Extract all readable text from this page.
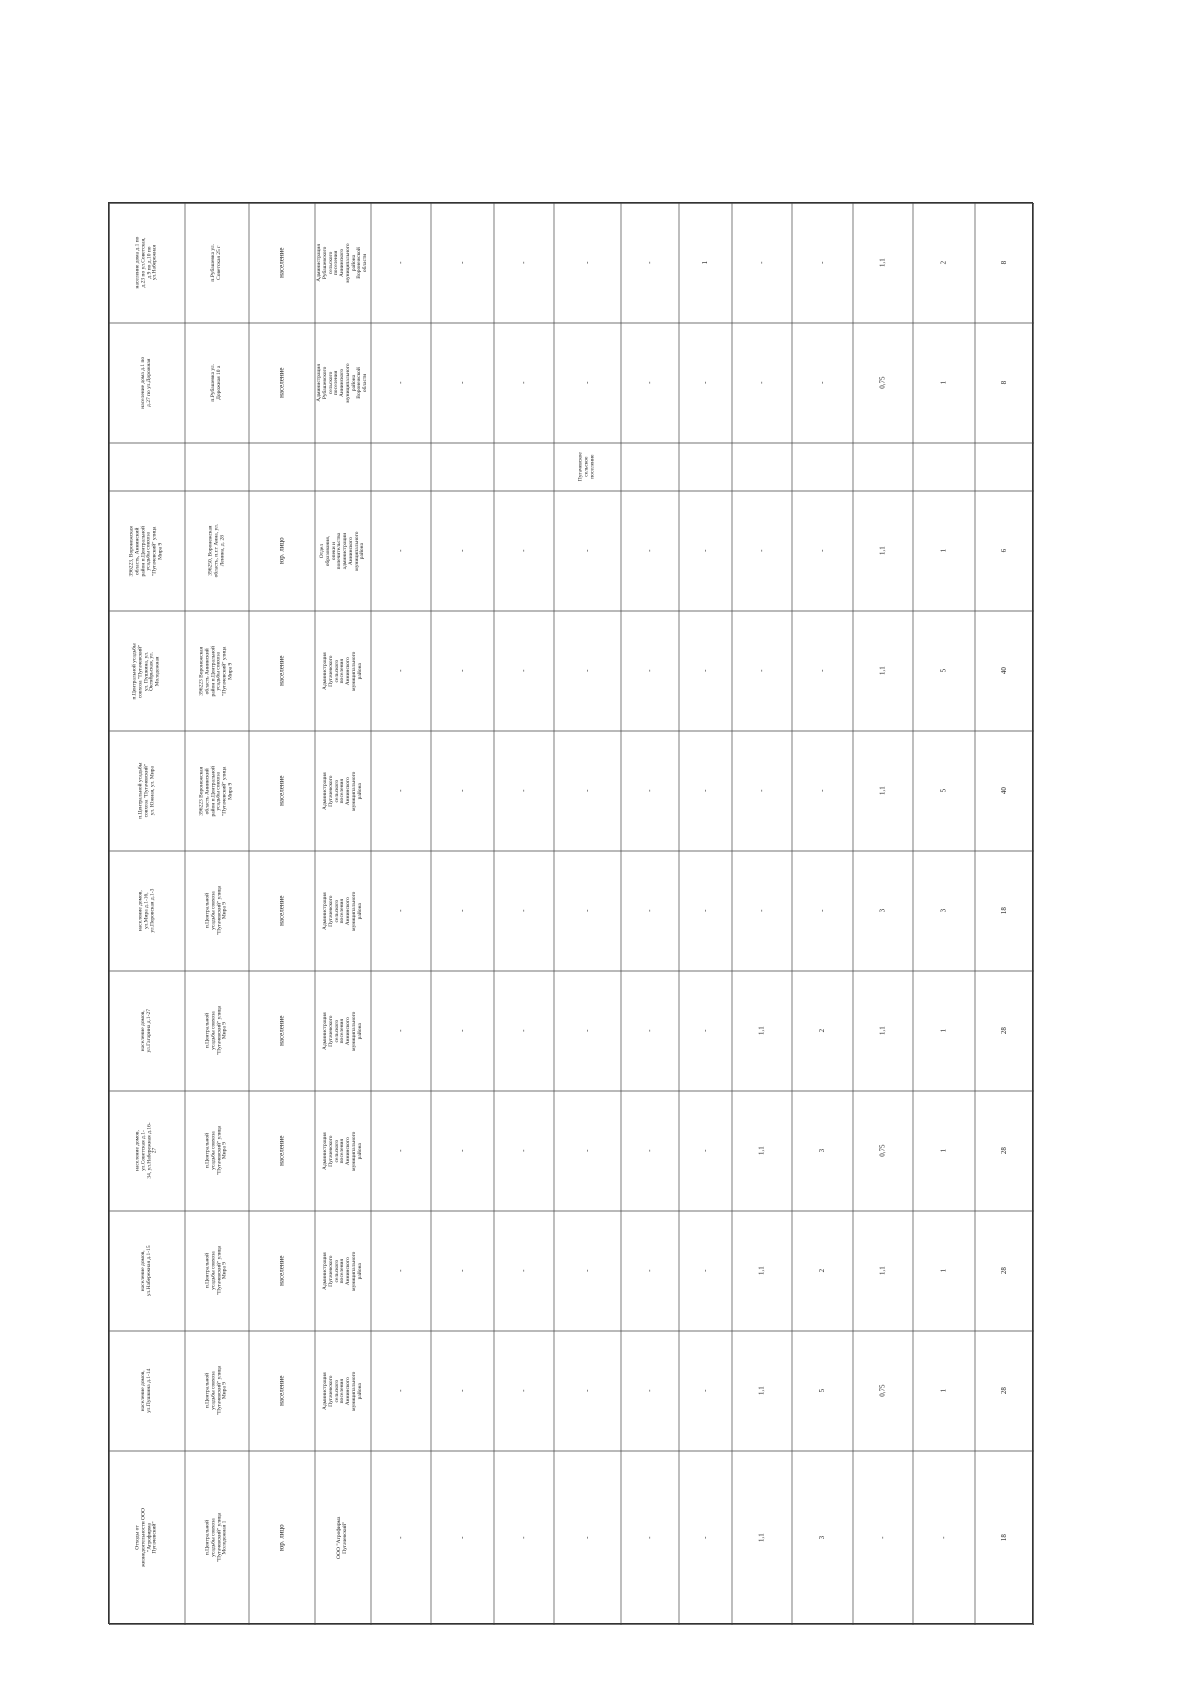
население дома д.1 по
д.23 по ул.Советская,
д.9 по д.10 по
ул.Набережная	п.Рубашевка ул.
Советская 25 г
население	Администрация
Рубашевского
сельского
поселения
Аннинского
муниципального
района
Воронежской
области	-	-	-	-	-	1	-	-	1,1	2	8
население дома д.1 по
д.27 по ул.Дорожная	п.Рубашевка ул.
Дорожная 10 а
население	Администрация
Рубашевского
сельского
поселения
Аннинского
муниципального
района
Воронежской
области	-	-	-	-	-	-	-	-	0,75	1	8
396223, Воронежская
область, Аннинский
район п.Центральной
усадьбы совхоза
"Пугачевский" улица
Мира 9
396250, Воронежская
область, п.г.т Анна, ул.
Ленина, д. 28	юр. лицо	Отдел
образования,
опеки и
попечительства
администрации
Аннинского
муниципального
района	-	-	-	-	-	-	-	-	1,1	1	6
п.Центральной усадьбы
совхоза "Пугачевский"
ул. Пушкина, ул.
Октябрьская, ул.
Молодежная
396223 Воронежская
область Аннинский
район п.Центральной
усадьбы совхоза
"Пугачевский" улица
Мира 9	население	Администрация
Пугачевского
сельского
поселения
Аннинского
муниципального
района	-	-	-	-	-	-	-	-	1,1	5	40
п.Центральной усадьбы
совхоза "Пугачевский"
ул. Южная, ул. Мира
396223 Воронежская
область Аннинский
район п.Центральной
усадьбы совхоза
"Пугачевский" улица
Мира 9	население	Администрация
Пугачевского
сельского
поселения
Аннинского
муниципального
района	-	-	-	-	-	-	-	-	1,1	5	40
население домов,
ул.Мира д.1-16,
ул.Перовская д.1-3	п.Центральной
усадьбы совхоза
"Пугачевский" улица
Мира 9	население	Администрация
Пугачевского
сельского
поселения
Аннинского
муниципального
района	-	-	-	-	-	-	-	-	3	3	18
население домов,
ул.Гагарина д.1-27	п.Центральной
усадьбы совхоза
"Пугачевский" улица
Мира 9	население	Администрация
Пугачевского
сельского
поселения
Аннинского
муниципального
района	-	-	-	-	-	-	1,1	2	1,1	1	28
население домов,
ул.Советская д.1-
34, ул.Набережная д.16-
27	п.Центральной
усадьбы совхоза
"Пугачевский" улица
Мира 9	население	Администрация
Пугачевского
сельского
поселения
Аннинского
муниципального
района	-	-	-	-	-	-	1,1	3	0,75	1	28
население домов,
ул.Набережная д.1-15
п.Центральной
усадьбы совхоза
"Пугачевский" улица
Мира 9	население	Администрация
Пугачевского
сельского
поселения
Аннинского
муниципального
района	-	-	-	-	-	-	1,1	2	1,1	1	28
население домов,
ул.Пушкина д.1-14	п.Центральной
усадьбы совхоза
"Пугачевский" улица
Мира 9	население	Администрация
Пугачевского
сельского
поселения
Аннинского
муниципального
района	-	-	-	-	-	-	1,1	5	0,75	1	28
Отходы от
жизнедеятельности ООО
"Агрофирма
Пугачевский"	п.Центральной
усадьбы совхоза
"Пугачевский" улица
Молодежная 1
юр. лицо
ООО "Агрофирма
Пугачевский"	-	-	-	-	-	-	1,1	3	-	-	18
Пугачевское сельское поселение
